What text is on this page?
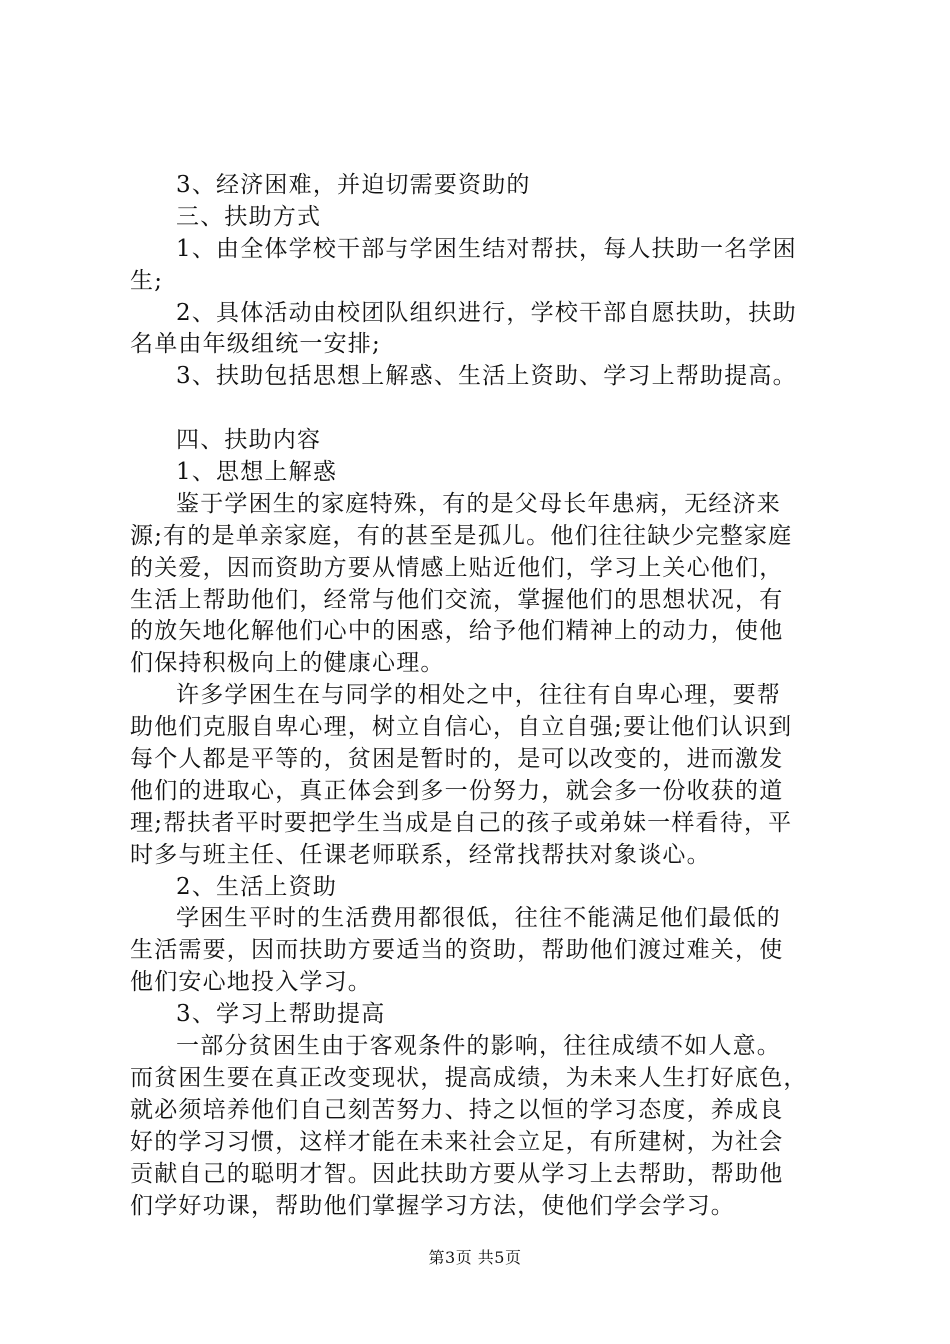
3、经济困难，并迫切需要资助的
三、扶助方式
1、由全体学校干部与学困生结对帮扶，每人扶助一名学困
生;
2、具体活动由校团队组织进行，学校干部自愿扶助，扶助
名单由年级组统一安排;
3、扶助包括思想上解惑、生活上资助、学习上帮助提高。
四、扶助内容
1、思想上解惑
鉴于学困生的家庭特殊，有的是父母长年患病，无经济来
源;有的是单亲家庭，有的甚至是孤儿。他们往往缺少完整家庭
的关爱，因而资助方要从情感上贴近他们，学习上关心他们，
生活上帮助他们，经常与他们交流，掌握他们的思想状况，有
的放矢地化解他们心中的困惑，给予他们精神上的动力，使他
们保持积极向上的健康心理。
许多学困生在与同学的相处之中，往往有自卑心理，要帮
助他们克服自卑心理，树立自信心，自立自强;要让他们认识到
每个人都是平等的，贫困是暂时的，是可以改变的，进而激发
他们的进取心，真正体会到多一份努力，就会多一份收获的道
理;帮扶者平时要把学生当成是自己的孩子或弟妹一样看待，平
时多与班主任、任课老师联系，经常找帮扶对象谈心。
2、生活上资助
学困生平时的生活费用都很低，往往不能满足他们最低的
生活需要，因而扶助方要适当的资助，帮助他们渡过难关，使
他们安心地投入学习。
3、学习上帮助提高
一部分贫困生由于客观条件的影响，往往成绩不如人意。
而贫困生要在真正改变现状，提高成绩，为未来人生打好底色，
就必须培养他们自己刻苦努力、持之以恒的学习态度，养成良
好的学习习惯，这样才能在未来社会立足，有所建树，为社会
贡献自己的聪明才智。因此扶助方要从学习上去帮助，帮助他
们学好功课，帮助他们掌握学习方法，使他们学会学习。
第3页 共5页
